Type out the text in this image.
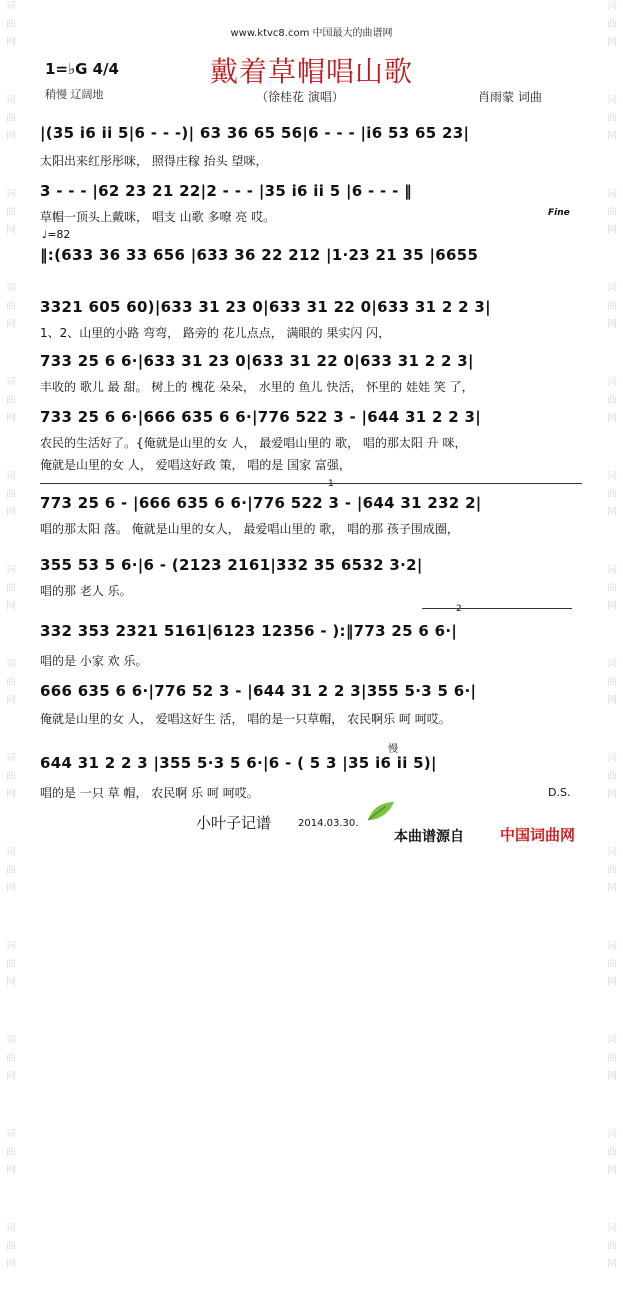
词
曲
网
词
曲
网
词
曲
网
词
曲
网
词
曲
网
词
曲
网
词
曲
网
词
曲
网
词
曲
网
词
曲
网
词
曲
网
词
曲
网
词
曲
网
词
曲
网
词
曲
网
词
曲
网
词
曲
网
词
曲
网
词
曲
网
词
曲
网
词
曲
网
词
曲
网
词
曲
网
词
曲
网
词
曲
网
词
曲
网
词
曲
网
词
曲
网
www.ktvc8.com 中国最大的曲谱网
戴着草帽唱山歌
1=♭G 4/4
稍慢 辽阔地	（徐桂花 演唱）	肖雨蒙 词曲
♩=82
Fine
慢
D.S.
1
2
|(35 i6 ii 5|6 - - -)| 63 36 65 56|6 - - - |i6 53 65 23|
太阳出来红彤彤咪， 照得庄稼 抬头 望咪，
3 - - - |62 23 21 22|2 - - - |35 i6 ii 5 |6 - - - ‖
草帽一顶头上戴咪， 唱支 山歌 多嘹 亮 哎。
‖:(633 36 33 656 |633 36 22 212 |1·23 21 35 |6655
3321 605 60)|633 31 23 0|633 31 22 0|633 31 2 2 3|
1、2、山里的小路 弯弯， 路旁的 花儿点点， 满眼的 果实闪 闪，
733 25 6 6·|633 31 23 0|633 31 22 0|633 31 2 2 3|
丰收的 歌儿 最 甜。 树上的 槐花 朵朵， 水里的 鱼儿 快活， 怀里的 娃娃 笑 了，
733 25 6 6·|666 635 6 6·|776 522 3 - |644 31 2 2 3|
农民的生活好了。{俺就是山里的女 人， 最爱唱山里的 歌， 唱的那太阳 升 咪，
俺就是山里的女 人， 爱唱这好政 策， 唱的是 国家 富强，
773 25 6 - |666 635 6 6·|776 522 3 - |644 31 232 2|
唱的那太阳 落。 俺就是山里的女人， 最爱唱山里的 歌， 唱的那 孩子围成圈，
355 53 5 6·|6 - (2123 2161|332 35 6532 3·2|
唱的那 老人 乐。
332 353 2321 5161|6123 12356 - ):‖773 25 6 6·|
唱的是 小家 欢 乐。
666 635 6 6·|776 52 3 - |644 31 2 2 3|355 5·3 5 6·|
俺就是山里的女 人， 爱唱这好生 活， 唱的是一只草帽， 农民啊乐 呵 呵哎。
644 31 2 2 3 |355 5·3 5 6·|6 - ( 5 3 |35 i6 ii 5)|
唱的是 一只 草 帽， 农民啊 乐 呵 呵哎。
小叶子记谱	2014.03.30.
本曲谱源自 中国词曲网
